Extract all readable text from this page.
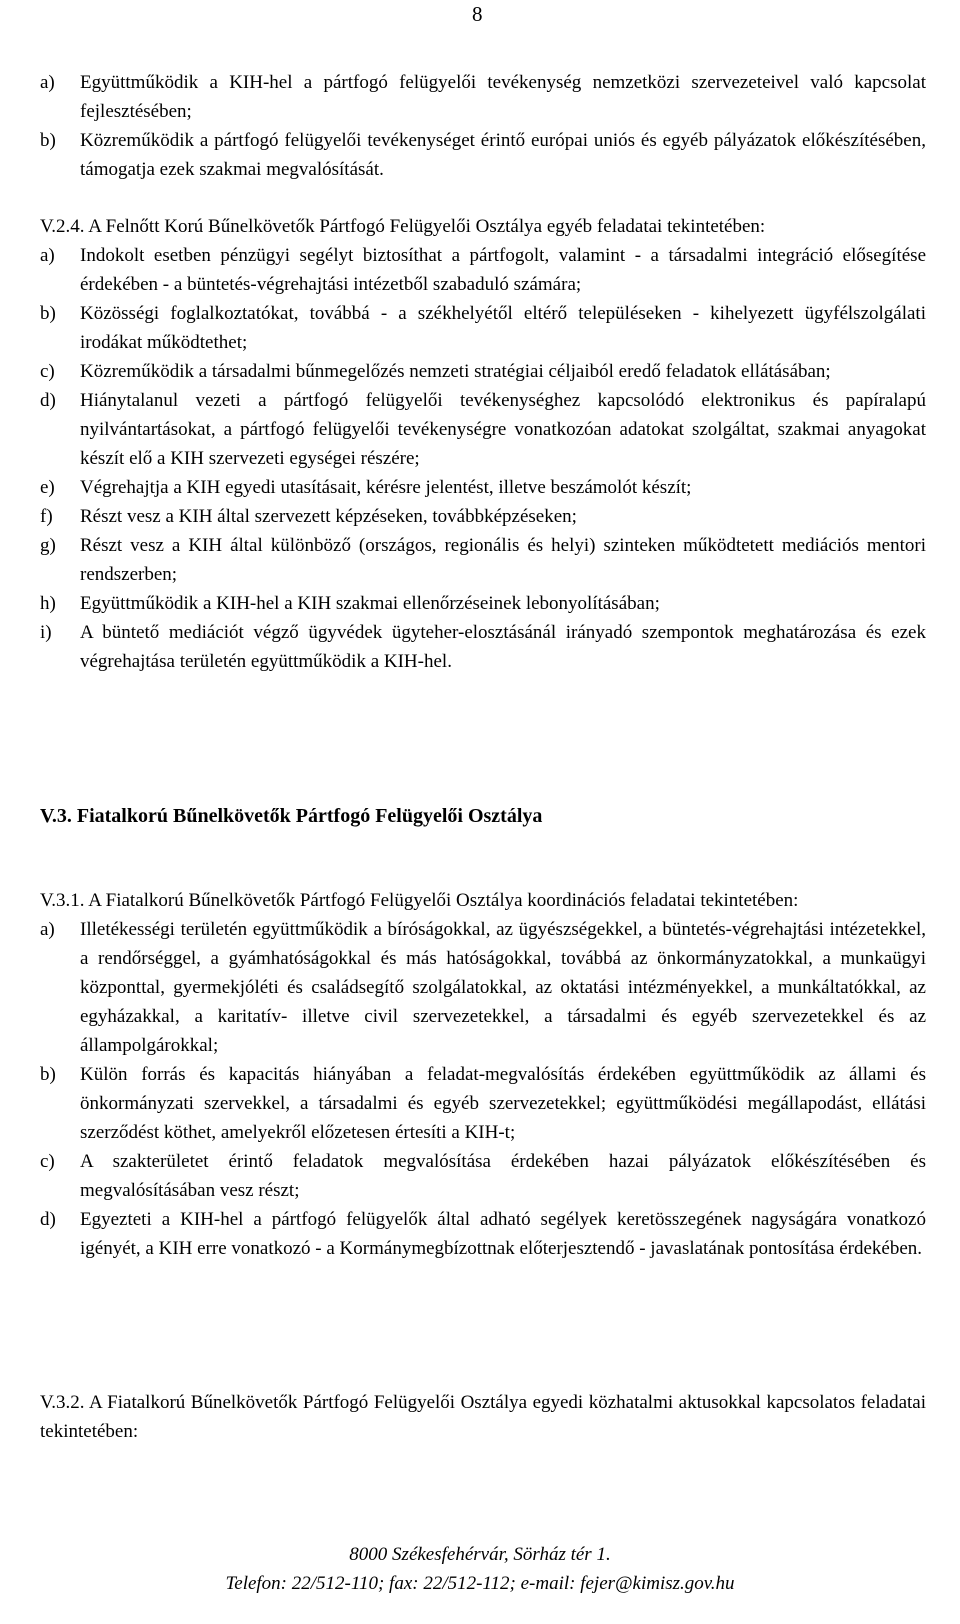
8
a)	Együttműködik a KIH-hel a pártfogó felügyelői tevékenység nemzetközi szervezeteivel való kapcsolat fejlesztésében;
b)	Közreműködik a pártfogó felügyelői tevékenységet érintő európai uniós és egyéb pályázatok előkészítésében, támogatja ezek szakmai megvalósítását.
V.2.4. A Felnőtt Korú Bűnelkövetők Pártfogó Felügyelői Osztálya egyéb feladatai tekintetében:
a)	Indokolt esetben pénzügyi segélyt biztosíthat a pártfogolt, valamint - a társadalmi integráció elősegítése érdekében - a büntetés-végrehajtási intézetből szabaduló számára;
b)	Közösségi foglalkoztatókat, továbbá - a székhelyétől eltérő településeken - kihelyezett ügyfélszolgálati irodákat működtethet;
c)	Közreműködik a társadalmi bűnmegelőzés nemzeti stratégiai céljaiból eredő feladatok ellátásában;
d)	Hiánytalanul vezeti a pártfogó felügyelői tevékenységhez kapcsolódó elektronikus és papíralapú nyilvántartásokat, a pártfogó felügyelői tevékenységre vonatkozóan adatokat szolgáltat, szakmai anyagokat készít elő a KIH szervezeti egységei részére;
e)	Végrehajtja a KIH egyedi utasításait, kérésre jelentést, illetve beszámolót készít;
f)	Részt vesz a KIH által szervezett képzéseken, továbbképzéseken;
g)	Részt vesz a KIH által különböző (országos, regionális és helyi) szinteken működtetett mediációs mentori rendszerben;
h)	Együttműködik a KIH-hel a KIH szakmai ellenőrzéseinek lebonyolításában;
i)	A büntető mediációt végző ügyvédek ügyteher-elosztásánál irányadó szempontok meghatározása és ezek végrehajtása területén együttműködik a KIH-hel.
V.3. Fiatalkorú Bűnelkövetők Pártfogó Felügyelői Osztálya
V.3.1. A Fiatalkorú Bűnelkövetők Pártfogó Felügyelői Osztálya koordinációs feladatai tekintetében:
a)	Illetékességi területén együttműködik a bíróságokkal, az ügyészségekkel, a büntetés-végrehajtási intézetekkel, a rendőrséggel, a gyámhatóságokkal és más hatóságokkal, továbbá az önkormányzatokkal, a munkaügyi központtal, gyermekjóléti és családsegítő szolgálatokkal, az oktatási intézményekkel, a munkáltatókkal, az egyházakkal, a karitatív- illetve civil szervezetekkel, a társadalmi és egyéb szervezetekkel és az állampolgárokkal;
b)	Külön forrás és kapacitás hiányában a feladat-megvalósítás érdekében együttműködik az állami és önkormányzati szervekkel, a társadalmi és egyéb szervezetekkel; együttműködési megállapodást, ellátási szerződést köthet, amelyekről előzetesen értesíti a KIH-t;
c)	A szakterületet érintő feladatok megvalósítása érdekében hazai pályázatok előkészítésében és megvalósításában vesz részt;
d)	Egyezteti a KIH-hel a pártfogó felügyelők által adható segélyek keretösszegének nagyságára vonatkozó igényét, a KIH erre vonatkozó - a Kormánymegbízottnak előterjesztendő - javaslatának pontosítása érdekében.
V.3.2. A Fiatalkorú Bűnelkövetők Pártfogó Felügyelői Osztálya egyedi közhatalmi aktusokkal kapcsolatos feladatai tekintetében:
8000 Székesfehérvár, Sörház tér 1.
Telefon: 22/512-110; fax: 22/512-112; e-mail: fejer@kimisz.gov.hu
